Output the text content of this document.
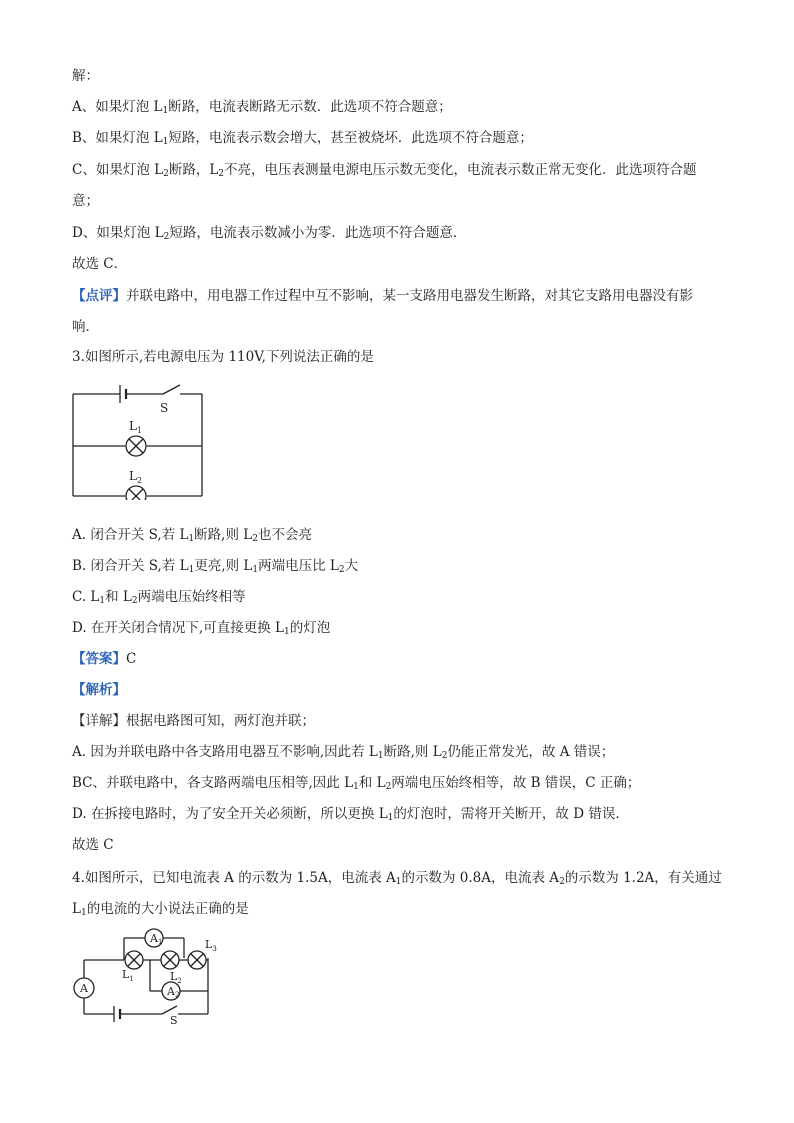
解：
A、如果灯泡 $L_1$断路，电流表断路无示数．此选项不符合题意；
B、如果灯泡 $L_1$短路，电流表示数会增大，甚至被烧坏．此选项不符合题意；
C、如果灯泡 $L_2$断路，$L_2$不亮，电压表测量电源电压示数无变化，电流表示数正常无变化．此选项符合题
意；
D、如果灯泡 $L_2$短路，电流表示数减小为零．此选项不符合题意．
故选 C．
【点评】并联电路中，用电器工作过程中互不影响，某一支路用电器发生断路，对其它支路用电器没有影
响．
3.如图所示,若电源电压为 110V,下列说法正确的是
S
$L_1$
$L_2$
A. 闭合开关 S,若 $L_1$断路,则 $L_2$也不会亮
B. 闭合开关 S,若 $L_1$更亮,则 $L_1$两端电压比 $L_2$大
C. $L_1$和 $L_2$两端电压始终相等
D. 在开关闭合情况下,可直接更换 $L_1$的灯泡
【答案】C
【解析】
【详解】根据电路图可知，两灯泡并联；
A. 因为并联电路中各支路用电器互不影响,因此若 $L_1$断路,则 $L_2$仍能正常发光，故 A 错误；
BC、并联电路中，各支路两端电压相等,因此 $L_1$和 $L_2$两端电压始终相等，故 B 错误，C 正确；
D. 在拆接电路时，为了安全开关必须断，所以更换 $L_1$的灯泡时，需将开关断开，故 D 错误．
故选 C
4.如图所示，已知电流表 A 的示数为 1.5A，电流表 $A_1$的示数为 0.8A，电流表 $A_2$的示数为 1.2A，有关通过
$L_1$的电流的大小说法正确的是
A
A1
A2
$L_1$	$L_2$
$L_3$
S
